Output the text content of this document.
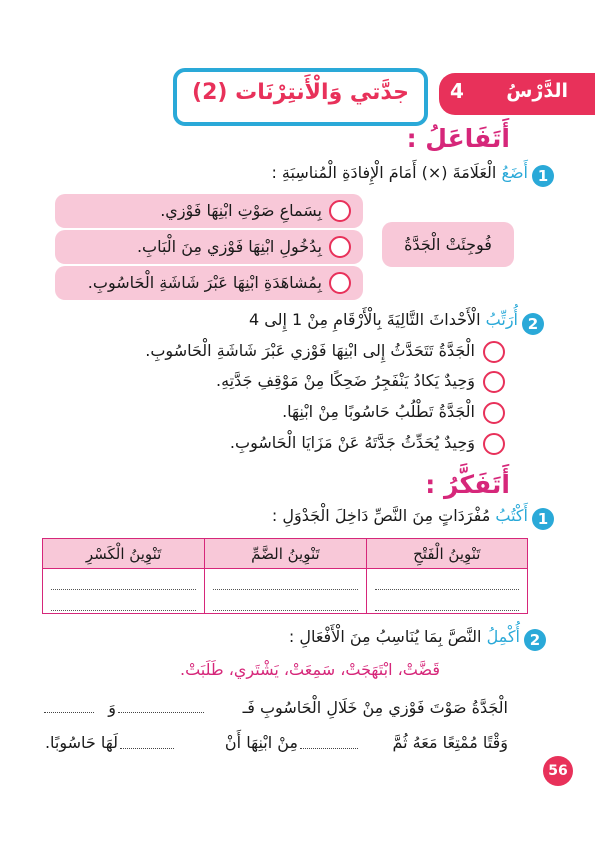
4	الدَّرْسُ
جدَّتي وَالْأَنتِرْنَات (2)
أَتَفَاعَلُ :
1
أَضَعُ الْعَلَامَةَ (×) أَمَامَ الْإِفادَةِ الْمُناسِبَةِ :
فُوجِئَتْ الْجَدَّةُ
بِسَماعِ صَوْتِ ابْنِهَا فَوْزي.
بِدُخُولِ ابْنِهَا فَوْزي مِنَ الْبَابِ.
بِمُشاهَدَةِ ابْنِهَا عَبْرَ شَاشَةِ الْحَاسُوبِ.
2
أُرَتِّبُ الْأَحْداثَ التَّالِيَةَ بِالْأَرْقَامِ مِنْ 1 إِلى 4
الْجَدَّةُ تَتَحَدَّثُ إِلى ابْنِهَا فَوْزي عَبْرَ شَاشَةِ الْحَاسُوبِ.
وَحِيدٌ يَكادُ يَنْفَجِرُ ضَحِكًا مِنْ مَوْقِفِ جَدَّتِهِ.
الْجَدَّةُ تَطْلُبُ حَاسُوبًا مِنْ ابْنِهَا.
وَحِيدٌ يُحَدِّثُ جَدَّتَهُ عَنْ مَزَايَا الْحَاسُوبِ.
أَتَفَكَّرُ :
1
أَكْتُبُ مُفْرَدَاتٍ مِنَ النَّصِّ دَاخِلَ الْجَدْوَلِ :
تَنْوِينُ الْفَتْحِ	تَنْوِينُ الضَّمِّ	تَنْوِينُ الْكَسْرِ

2
أُكْمِلُ النَّصَّ بِمَا يُنَاسِبُ مِنَ الْأَفْعَالِ :
قَضَّتْ، ابْتَهَجَتْ، سَمِعَتْ، يَشْتَري، طَلَبَتْ.
الْجَدَّةُ صَوْتَ فَوْزي مِنْ خَلَالِ الْحَاسُوبِ فَـ
وَ
وَقْتًا مُمْتِعًا مَعَهُ ثُمَّ
مِنْ ابْنِهَا أَنْ
لَهَا حَاسُوبًا.
56
